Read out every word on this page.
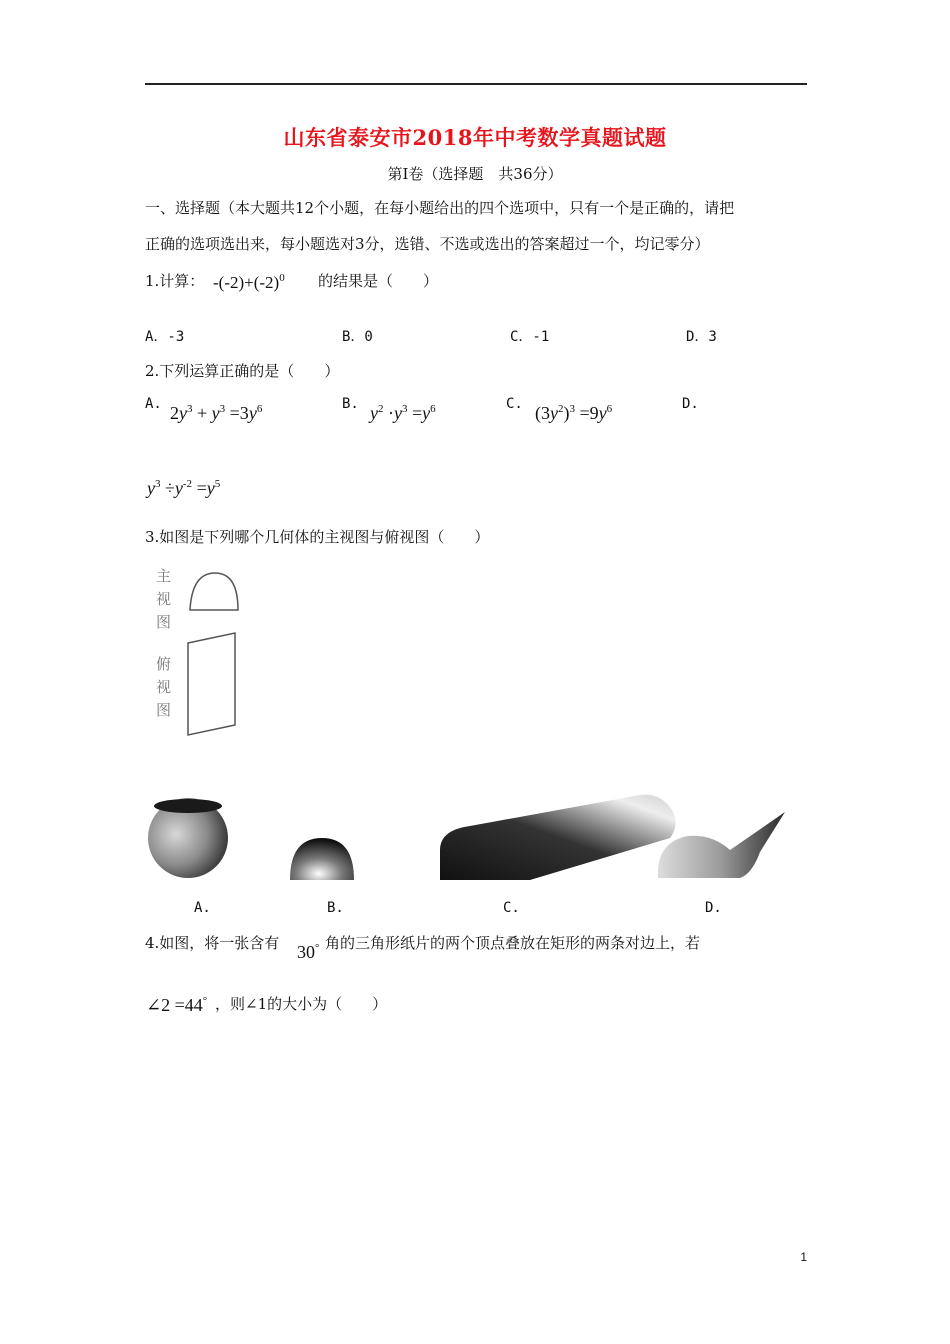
山东省泰安市2018年中考数学真题试题
第Ⅰ卷（选择题　共36分）
一、选择题（本大题共12个小题，在每小题给出的四个选项中，只有一个是正确的，请把
正确的选项选出来，每小题选对3分，选错、不选或选出的答案超过一个，均记零分）
1.计算： $-(-2)+(-2)^0$ 的结果是（　　）
A．-3	B．0	C．-1	D．3
2.下列运算正确的是（　　）
A. $2y^3 + y^3 =3y^6$	B. $y^2 \cdot y^3 =y^6$	C. $(3y^2)^3 =9y^6$	D.
$y^3 \div y^{-2} =y^5$
3.如图是下列哪个几何体的主视图与俯视图（　　）
主视图
俯视图
A.	B.	C.	D.
4.如图，将一张含有 30° 角的三角形纸片的两个顶点叠放在矩形的两条对边上，若
∠2 =44° ，则∠1的大小为（　　）
1
